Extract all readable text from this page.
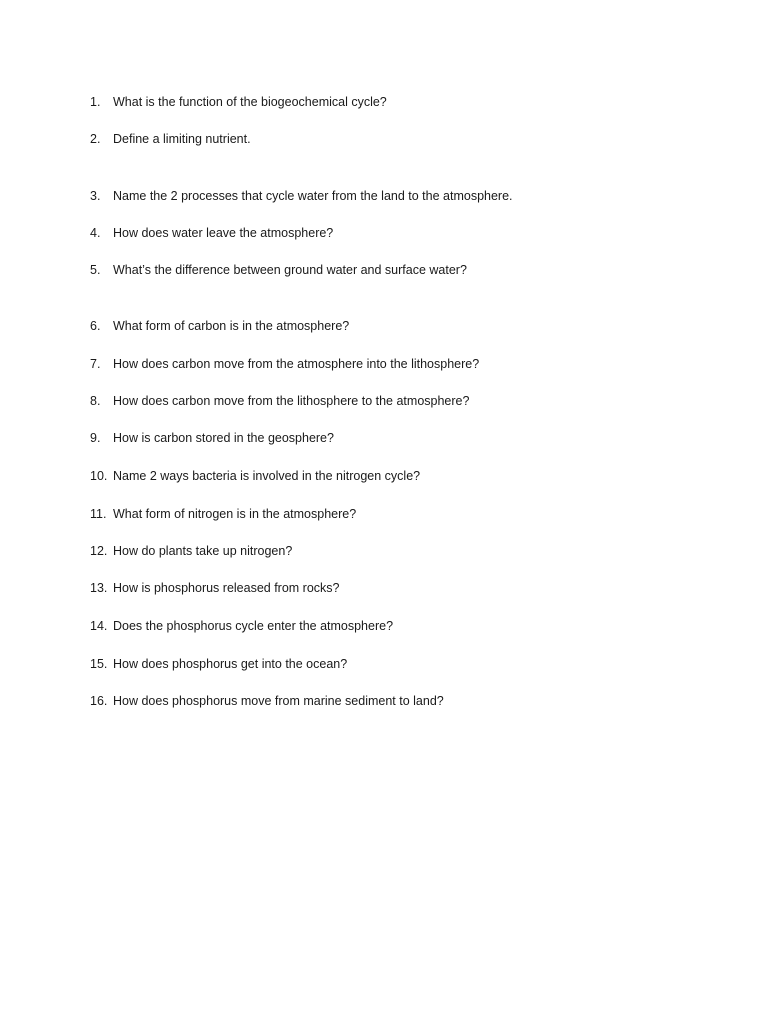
1. What is the function of the biogeochemical cycle?
2. Define a limiting nutrient.
3. Name the 2 processes that cycle water from the land to the atmosphere.
4. How does water leave the atmosphere?
5. What’s the difference between ground water and surface water?
6. What form of carbon is in the atmosphere?
7. How does carbon move from the atmosphere into the lithosphere?
8. How does carbon move from the lithosphere to the atmosphere?
9. How is carbon stored in the geosphere?
10. Name 2 ways bacteria is involved in the nitrogen cycle?
11. What form of nitrogen is in the atmosphere?
12. How do plants take up nitrogen?
13. How is phosphorus released from rocks?
14. Does the phosphorus cycle enter the atmosphere?
15. How does phosphorus get into the ocean?
16. How does phosphorus move from marine sediment to land?
